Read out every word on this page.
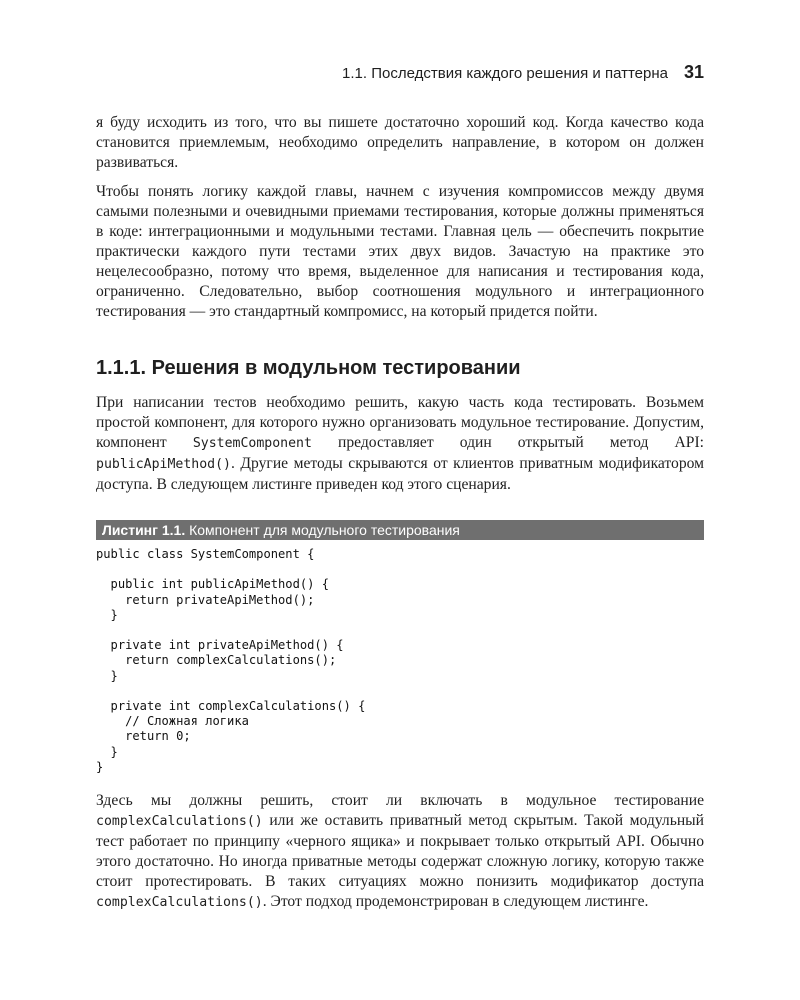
1.1. Последствия каждого решения и паттерна 31

я буду исходить из того, что вы пишете достаточно хороший код. Когда качество кода становится приемлемым, необходимо определить направление, в котором он должен развиваться.

Чтобы понять логику каждой главы, начнем с изучения компромиссов между двумя самыми полезными и очевидными приемами тестирования, которые должны применяться в коде: интеграционными и модульными тестами. Главная цель — обеспечить покрытие практически каждого пути тестами этих двух видов. Зачастую на практике это нецелесообразно, потому что время, выделенное для написания и тестирования кода, ограниченно. Следовательно, выбор соотношения модульного и интеграционного тестирования — это стандартный компромисс, на который придется пойти.

1.1.1. Решения в модульном тестировании

При написании тестов необходимо решить, какую часть кода тестировать. Возьмем простой компонент, для которого нужно организовать модульное тестирование. Допустим, компонент SystemComponent предоставляет один открытый метод API: publicApiMethod(). Другие методы скрываются от клиентов приватным модификатором доступа. В следующем листинге приведен код этого сценария.

Листинг 1.1. Компонент для модульного тестирования
public class SystemComponent {

public int publicApiMethod() {
return privateApiMethod();
}

private int privateApiMethod() {
return complexCalculations();
}

private int complexCalculations() {
// Сложная логика
return 0;
}
}

Здесь мы должны решить, стоит ли включать в модульное тестирование complexCalculations() или же оставить приватный метод скрытым. Такой модульный тест работает по принципу «черного ящика» и покрывает только открытый API. Обычно этого достаточно. Но иногда приватные методы содержат сложную логику, которую также стоит протестировать. В таких ситуациях можно понизить модификатор доступа complexCalculations(). Этот подход продемонстрирован в следующем листинге.
